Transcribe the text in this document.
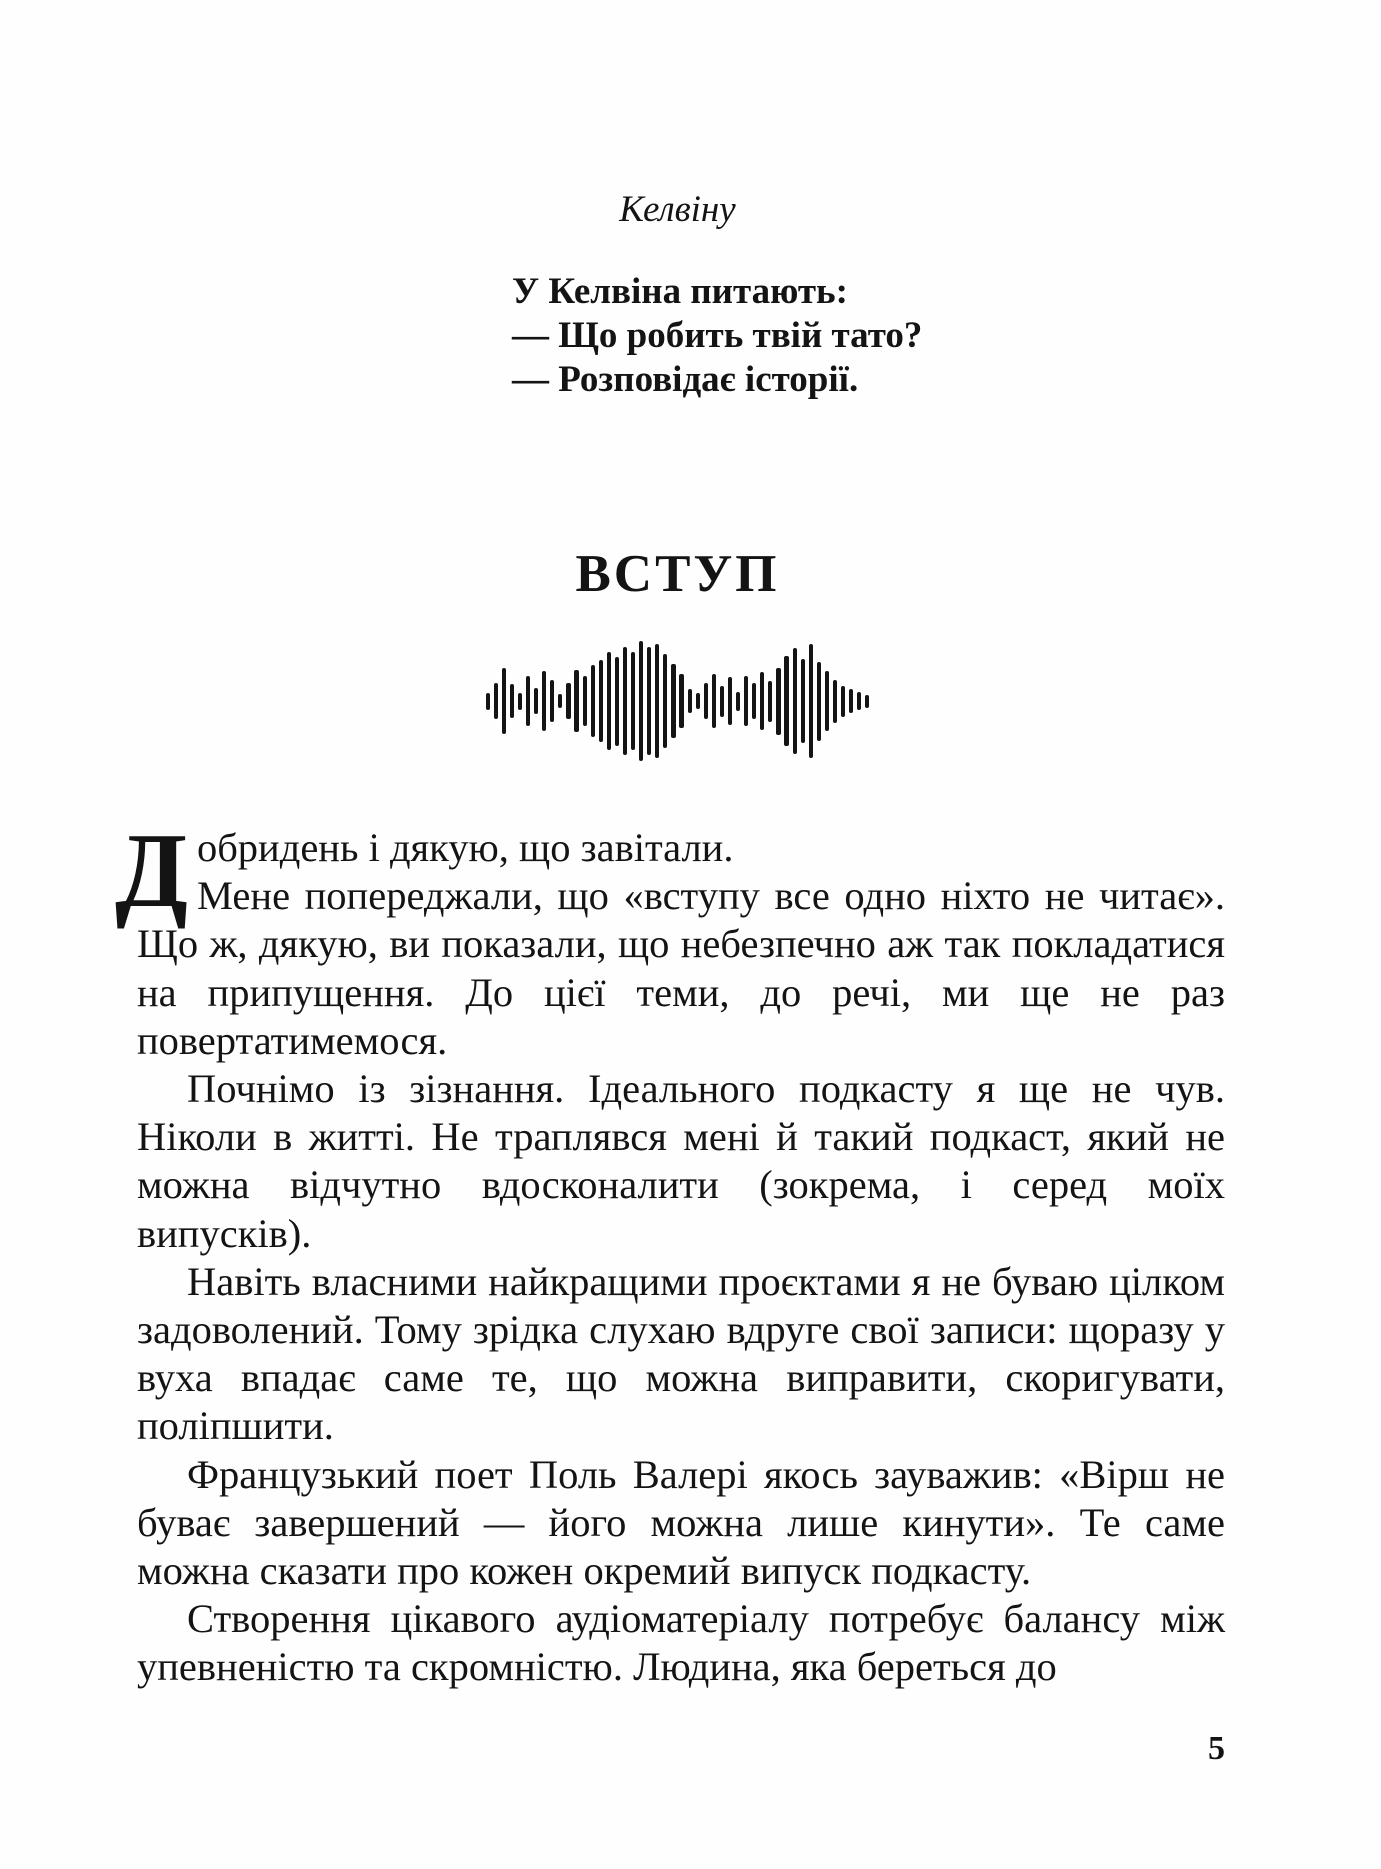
Келвіну

У Келвіна питають:

— Що робить твій тато?

— Розповідає історії.

ВСТУП
Д обридень і дякую, що завітали.

Мене попереджали, що «вступу все одно ніхто не читає». Що ж, дякую, ви показали, що небезпечно аж так покладатися на припущення. До цієї теми, до речі, ми ще не раз повертатимемося.

Почнімо із зізнання. Ідеального подкасту я ще не чув. Ніколи в житті. Не траплявся мені й такий подкаст, який не можна відчутно вдосконалити (зокрема, і серед моїх випусків).

Навіть власними найкращими проєктами я не буваю цілком задоволений. Тому зрідка слухаю вдруге свої записи: щоразу у вуха впадає саме те, що можна виправити, скоригувати, поліпшити.

Французький поет Поль Валері якось зауважив: «Вірш не буває завершений — його можна лише кинути». Те саме можна сказати про кожен окремий випуск подкасту.

Створення цікавого аудіоматеріалу потребує балансу між упевненістю та скромністю. Людина, яка береться до

5
